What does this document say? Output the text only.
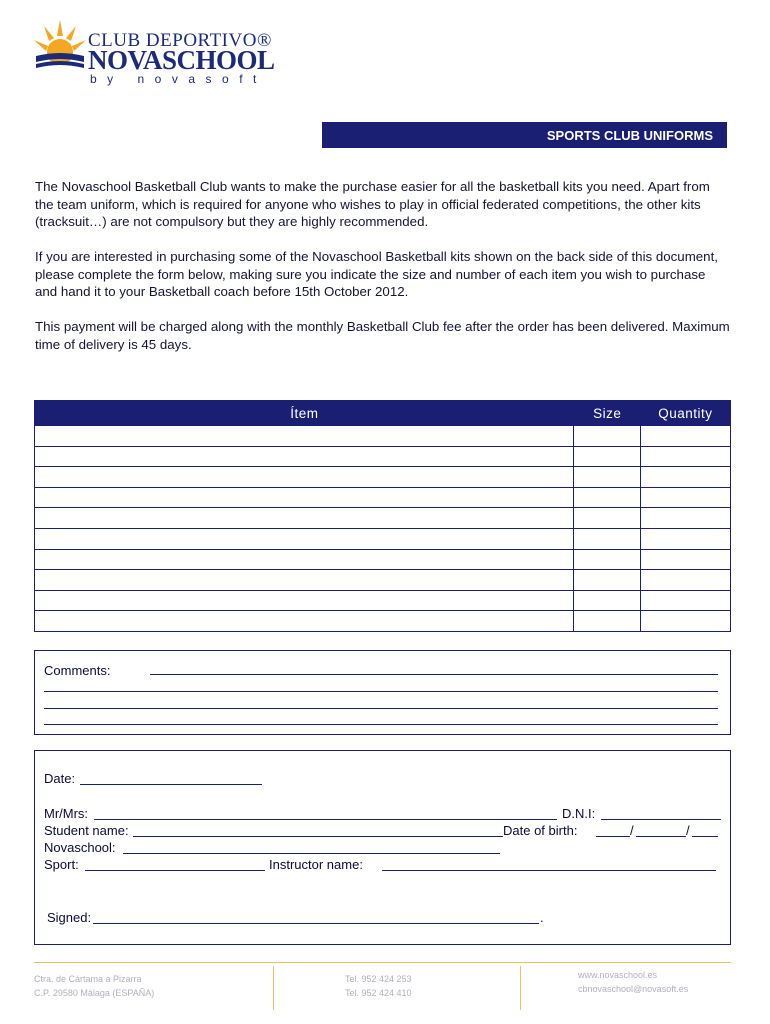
CLUB DEPORTIVO®
NOVASCHOOL
by novasoft
SPORTS CLUB UNIFORMS
The Novaschool Basketball Club wants to make the purchase easier for all the basketball kits you need. Apart from the team uniform, which is required for anyone who wishes to play in official federated competitions, the other kits (tracksuit…) are not compulsory but they are highly recommended.
If you are interested in purchasing some of the Novaschool Basketball kits shown on the back side of this document, please complete the form below, making sure you indicate the size and number of each item you wish to purchase and hand it to your Basketball coach before 15th October 2012.
This payment will be charged along with the monthly Basketball Club fee after the order has been delivered. Maximum time of delivery is 45 days.
Ítem	Size	Quantity

Comments:
Date:
Mr/Mrs:	D.N.I:
Student name:	Date of birth:	/	/
Novaschool:
Sport:	Instructor name:
Signed:	.
Ctra. de Cártama a Pizarra
C.P. 29580 Málaga (ESPAÑA)
Tel. 952 424 253
Tel. 952 424 410
www.novaschool.es
cbnovaschool@novasoft.es
